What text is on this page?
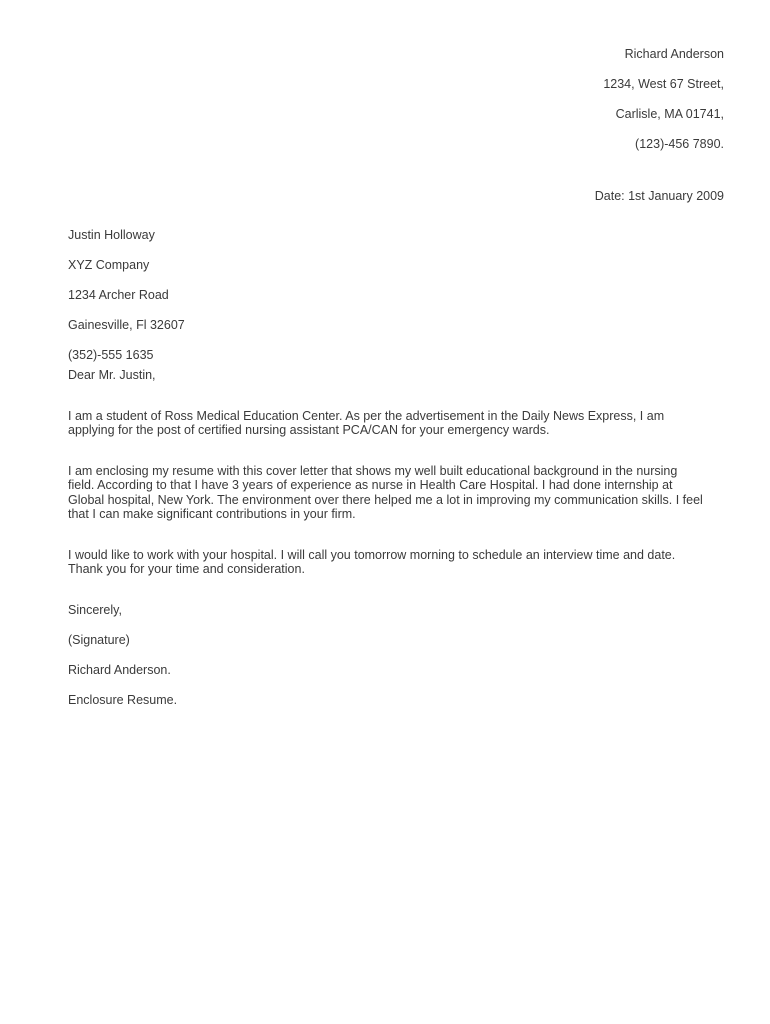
Richard Anderson
1234, West 67 Street,
Carlisle, MA 01741,
(123)-456 7890.
Date: 1st January 2009
Justin Holloway
XYZ Company
1234 Archer Road
Gainesville, Fl 32607
(352)-555 1635

Dear Mr. Justin,

I am a student of Ross Medical Education Center. As per the advertisement in the Daily News Express, I am applying for the post of certified nursing assistant PCA/CAN for your emergency wards.

I am enclosing my resume with this cover letter that shows my well built educational background in the nursing field. According to that I have 3 years of experience as nurse in Health Care Hospital. I had done internship at Global hospital, New York. The environment over there helped me a lot in improving my communication skills. I feel that I can make significant contributions in your firm.

I would like to work with your hospital. I will call you tomorrow morning to schedule an interview time and date. Thank you for your time and consideration.

Sincerely,

(Signature)

Richard Anderson.

Enclosure Resume.
